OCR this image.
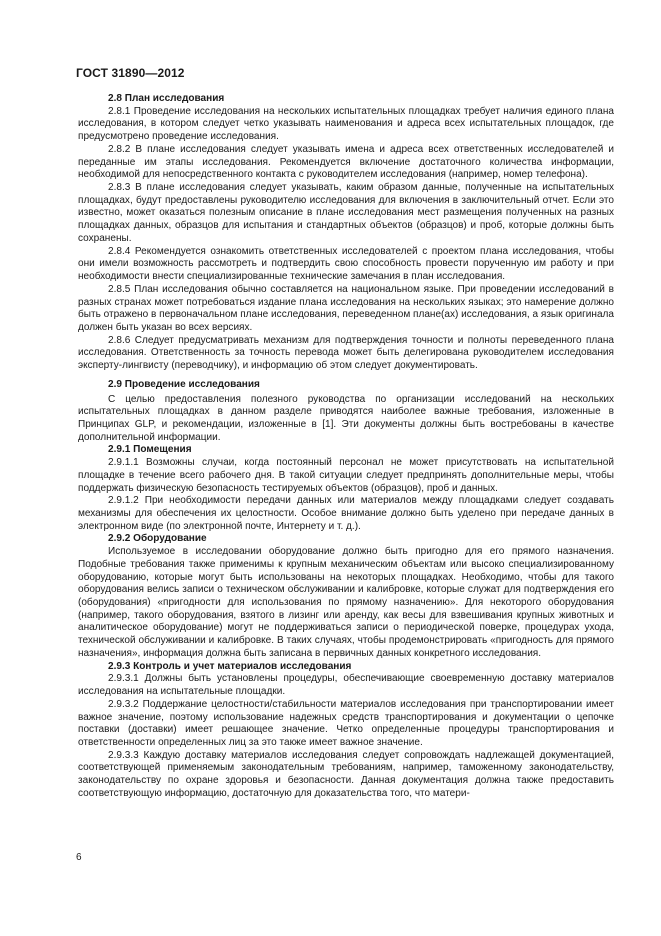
ГОСТ 31890—2012

2.8 План исследования

2.8.1 Проведение исследования на нескольких испытательных площадках требует наличия единого плана исследования, в котором следует четко указывать наименования и адреса всех испытательных площадок, где предусмотрено проведение исследования.

2.8.2 В плане исследования следует указывать имена и адреса всех ответственных исследователей и переданные им этапы исследования. Рекомендуется включение достаточного количества информации, необходимой для непосредственного контакта с руководителем исследования (например, номер телефона).

2.8.3 В плане исследования следует указывать, каким образом данные, полученные на испытательных площадках, будут предоставлены руководителю исследования для включения в заключительный отчет. Если это известно, может оказаться полезным описание в плане исследования мест размещения полученных на разных площадках данных, образцов для испытания и стандартных объектов (образцов) и проб, которые должны быть сохранены.

2.8.4 Рекомендуется ознакомить ответственных исследователей с проектом плана исследования, чтобы они имели возможность рассмотреть и подтвердить свою способность провести порученную им работу и при необходимости внести специализированные технические замечания в план исследования.

2.8.5 План исследования обычно составляется на национальном языке. При проведении исследований в разных странах может потребоваться издание плана исследования на нескольких языках; это намерение должно быть отражено в первоначальном плане исследования, переведенном плане(ах) исследования, а язык оригинала должен быть указан во всех версиях.

2.8.6 Следует предусматривать механизм для подтверждения точности и полноты переведенного плана исследования. Ответственность за точность перевода может быть делегирована руководителем исследования эксперту-лингвисту (переводчику), и информацию об этом следует документировать.

2.9 Проведение исследования

С целью предоставления полезного руководства по организации исследований на нескольких испытательных площадках в данном разделе приводятся наиболее важные требования, изложенные в Принципах GLP, и рекомендации, изложенные в [1]. Эти документы должны быть востребованы в качестве дополнительной информации.

2.9.1 Помещения

2.9.1.1 Возможны случаи, когда постоянный персонал не может присутствовать на испытательной площадке в течение всего рабочего дня. В такой ситуации следует предпринять дополнительные меры, чтобы поддержать физическую безопасность тестируемых объектов (образцов), проб и данных.

2.9.1.2 При необходимости передачи данных или материалов между площадками следует создавать механизмы для обеспечения их целостности. Особое внимание должно быть уделено при передаче данных в электронном виде (по электронной почте, Интернету и т. д.).

2.9.2 Оборудование

Используемое в исследовании оборудование должно быть пригодно для его прямого назначения. Подобные требования также применимы к крупным механическим объектам или высоко специализированному оборудованию, которые могут быть использованы на некоторых площадках. Необходимо, чтобы для такого оборудования велись записи о техническом обслуживании и калибровке, которые служат для подтверждения его (оборудования) «пригодности для использования по прямому назначению». Для некоторого оборудования (например, такого оборудования, взятого в лизинг или аренду, как весы для взвешивания крупных животных и аналитическое оборудование) могут не поддерживаться записи о периодической поверке, процедурах ухода, технической обслуживании и калибровке. В таких случаях, чтобы продемонстрировать «пригодность для прямого назначения», информация должна быть записана в первичных данных конкретного исследования.

2.9.3 Контроль и учет материалов исследования

2.9.3.1 Должны быть установлены процедуры, обеспечивающие своевременную доставку материалов исследования на испытательные площадки.

2.9.3.2 Поддержание целостности/стабильности материалов исследования при транспортировании имеет важное значение, поэтому использование надежных средств транспортирования и документации о цепочке поставки (доставки) имеет решающее значение. Четко определенные процедуры транспортирования и ответственности определенных лиц за это также имеет важное значение.

2.9.3.3 Каждую доставку материалов исследования следует сопровождать надлежащей документацией, соответствующей применяемым законодательным требованиям, например, таможенному законодательству, законодательству по охране здоровья и безопасности. Данная документация должна также предоставить соответствующую информацию, достаточную для доказательства того, что матери-

6
